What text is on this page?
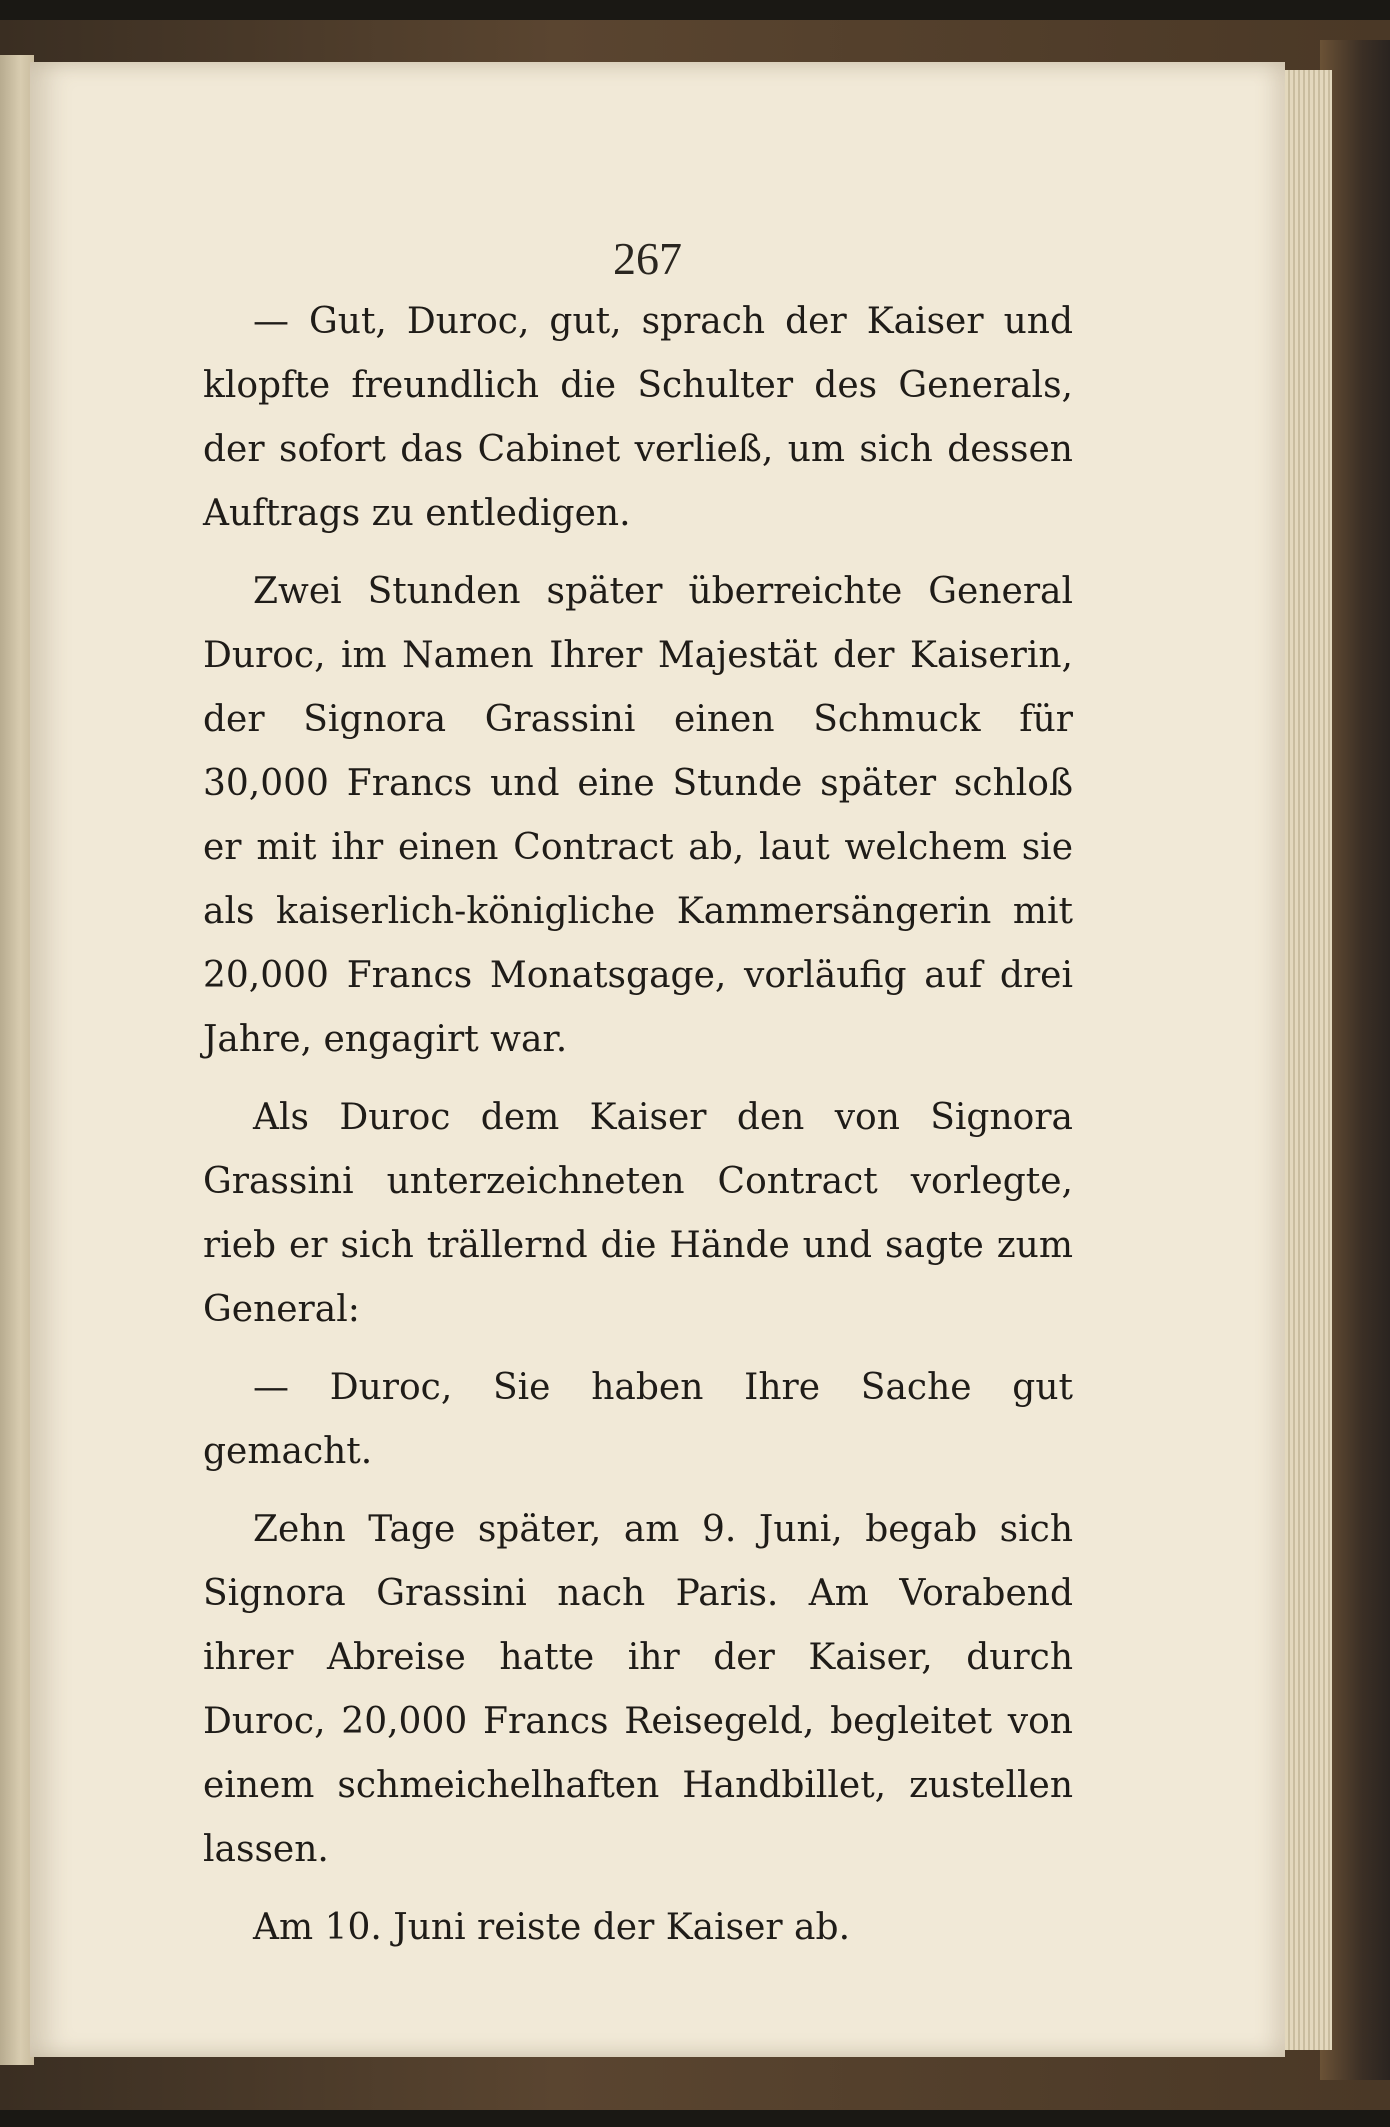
267

— Gut, Duroc, gut, sprach der Kaiser und klopfte freundlich die Schulter des Generals, der sofort das Cabinet verließ, um sich dessen Auftrags zu entledigen.

Zwei Stunden später überreichte General Duroc, im Namen Ihrer Majestät der Kaiserin, der Signora Grassini einen Schmuck für 30,000 Francs und eine Stunde später schloß er mit ihr einen Contract ab, laut welchem sie als kaiserlich-königliche Kammersängerin mit 20,000 Francs Monatsgage, vorläufig auf drei Jahre, engagirt war.

Als Duroc dem Kaiser den von Signora Grassini unterzeichneten Contract vorlegte, rieb er sich trällernd die Hände und sagte zum General:

— Duroc, Sie haben Ihre Sache gut gemacht.

Zehn Tage später, am 9. Juni, begab sich Signora Grassini nach Paris. Am Vorabend ihrer Abreise hatte ihr der Kaiser, durch Duroc, 20,000 Francs Reisegeld, begleitet von einem schmeichelhaften Handbillet, zustellen lassen.

Am 10. Juni reiste der Kaiser ab.
